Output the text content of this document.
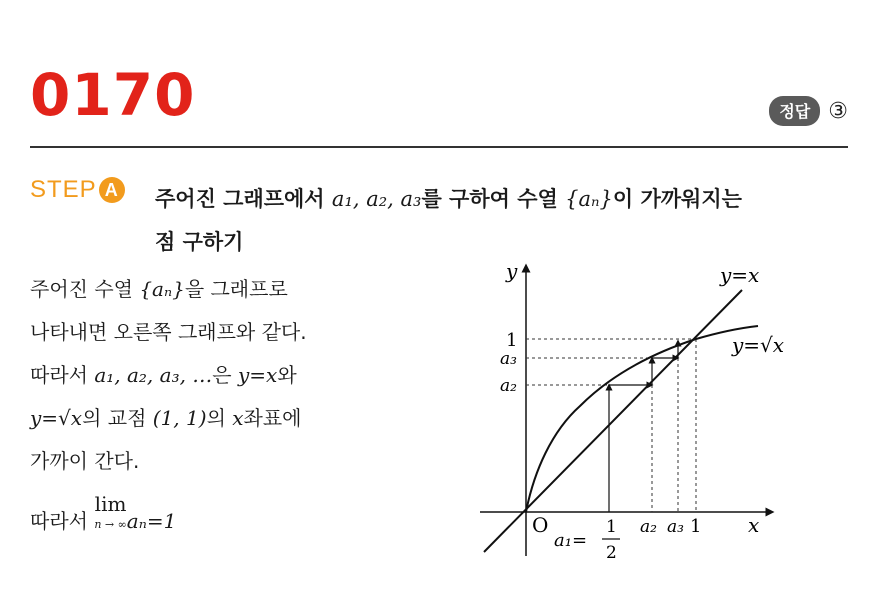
0170	정답 ③
STEP A 주어진 그래프에서 a₁, a₂, a₃를 구하여 수열 {aₙ}이 가까워지는
점 구하기
주어진 수열 {aₙ}을 그래프로
나타내면 오른쪽 그래프와 같다.
따라서 a₁, a₂, a₃, …은 y=x와
y=√x의 교점 (1, 1)의 x좌표에
가까이 간다.
따라서 lim
n → ∞ aₙ=1
y
x
O
y=x
y=√x
1
a₃
a₂
a₁=
1
2
a₂ a₃ 1
